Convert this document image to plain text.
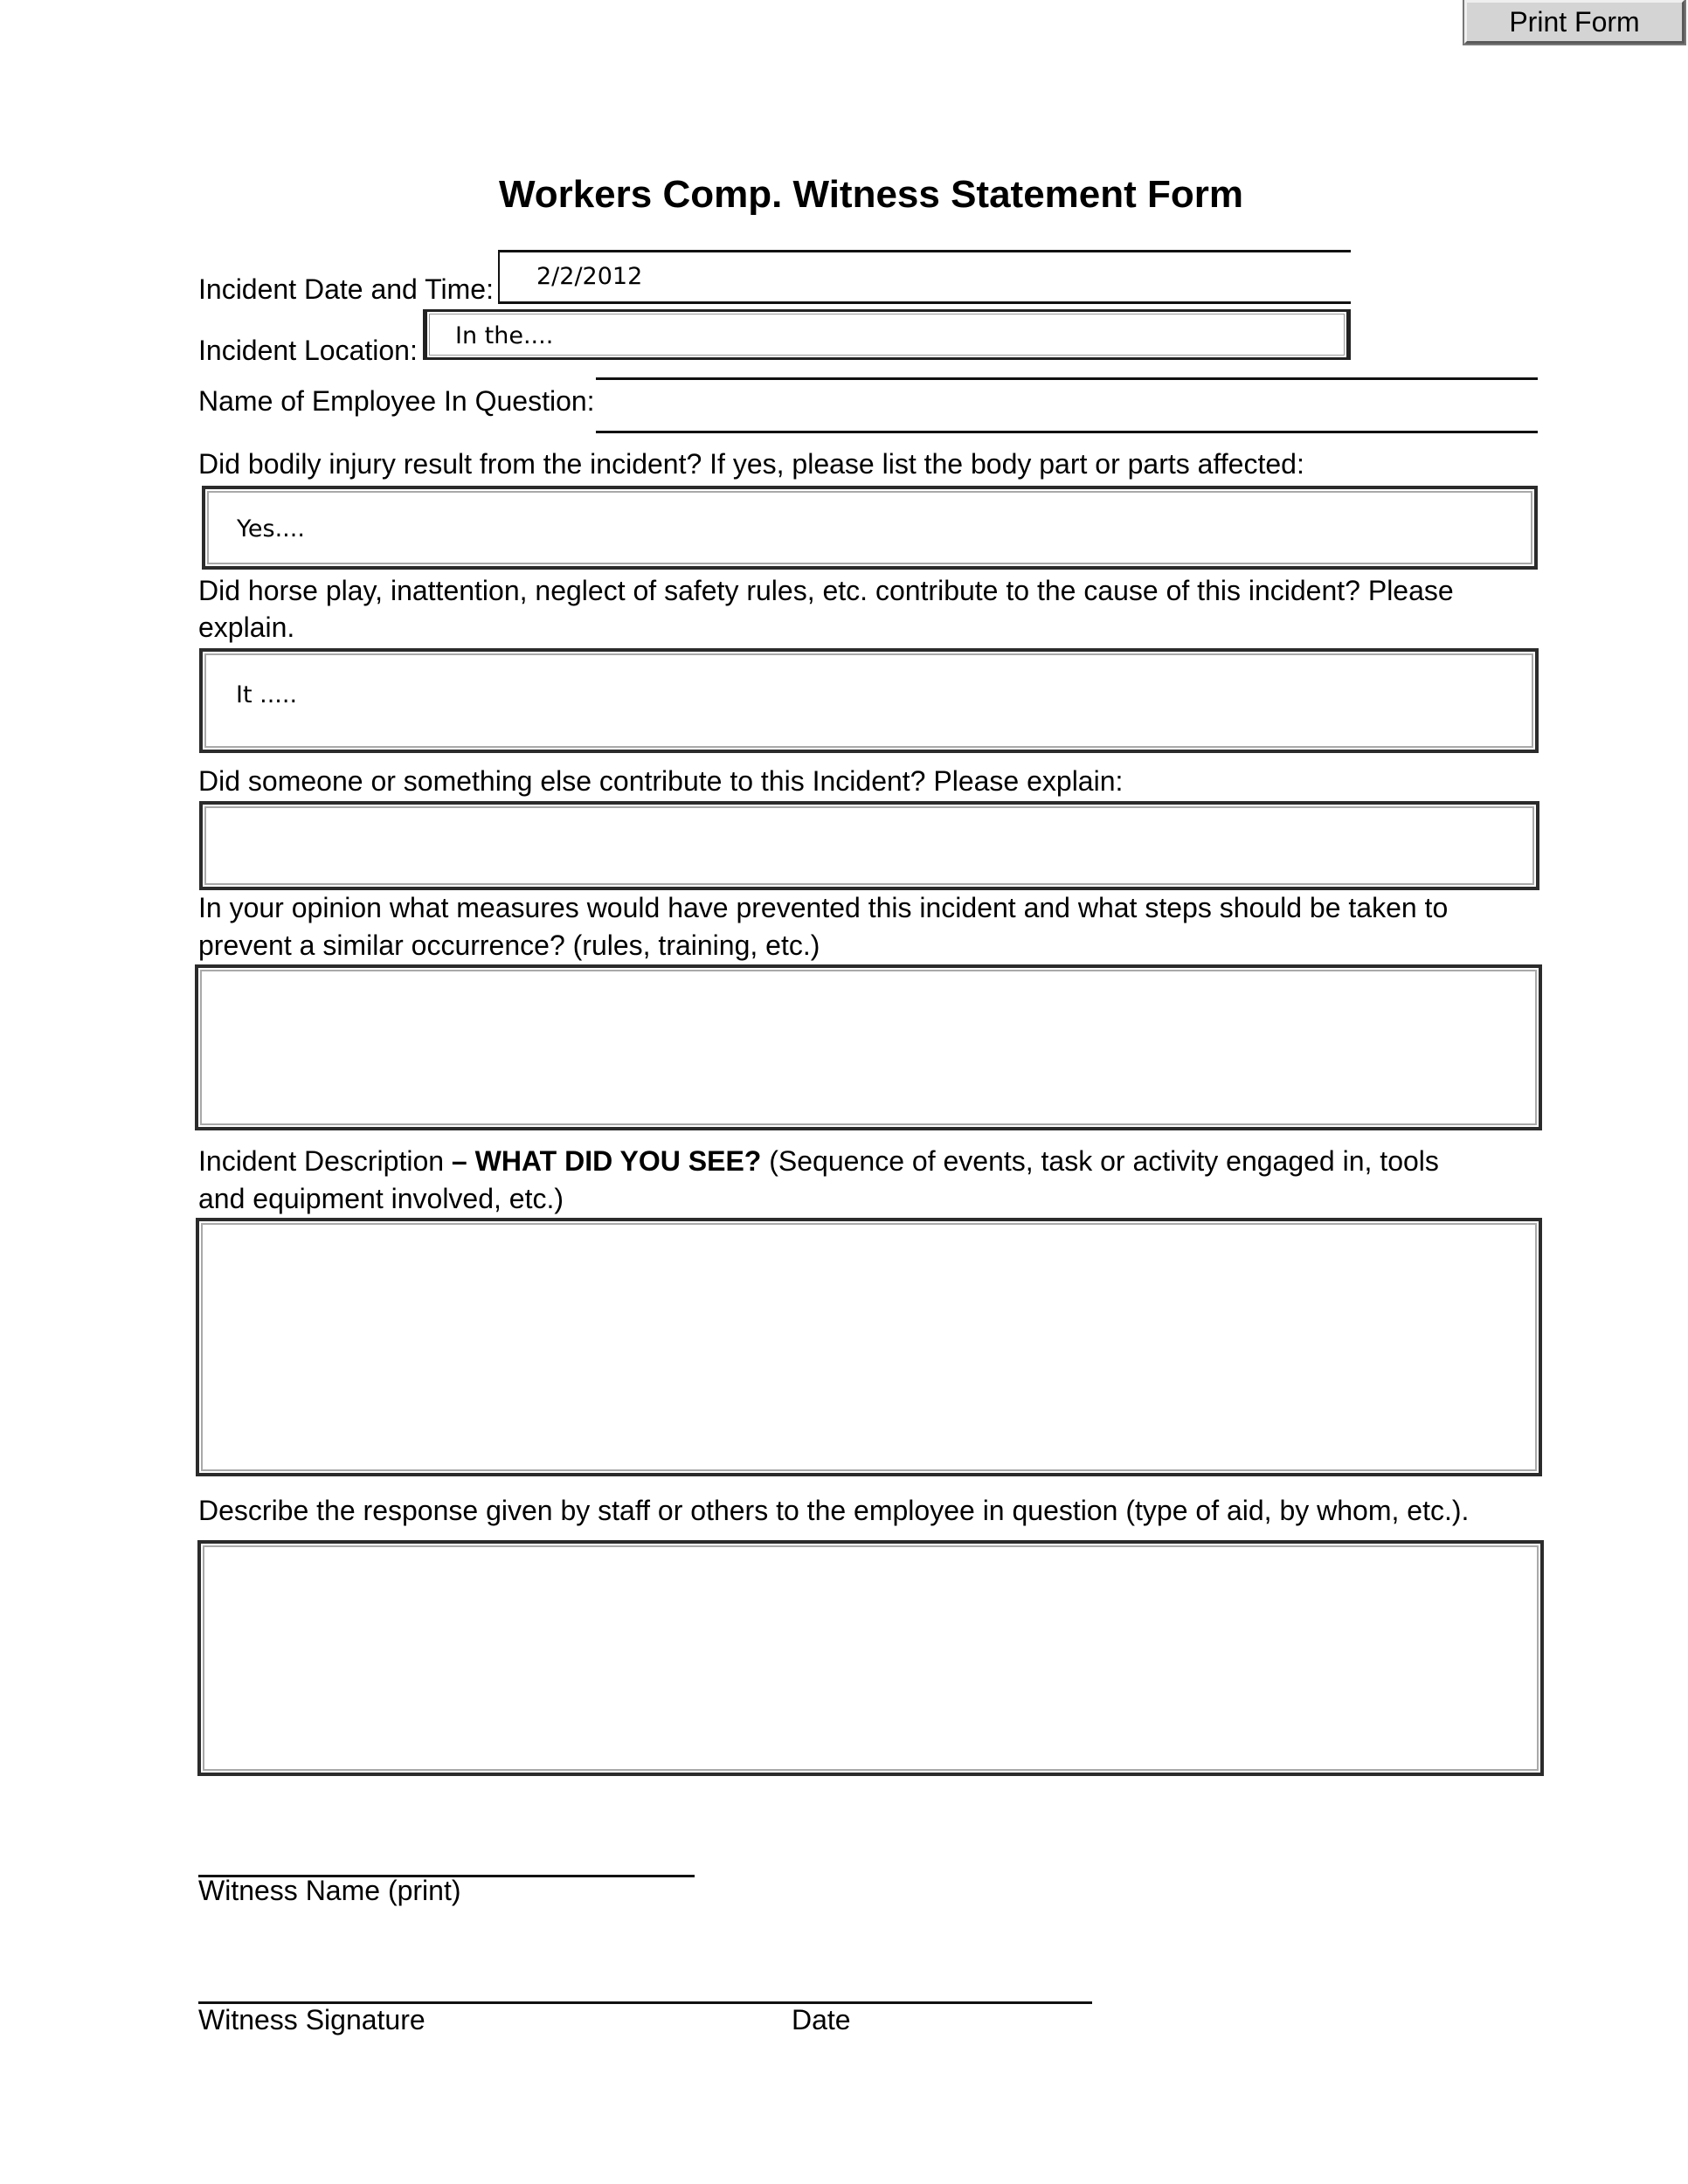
Print Form
Workers Comp. Witness Statement Form
Incident Date and Time: 2/2/2012
Incident Location: In the....
Name of Employee In Question:
Did bodily injury result from the incident? If yes, please list the body part or parts affected:
Yes....
Did horse play, inattention, neglect of safety rules, etc. contribute to the cause of this incident? Please
explain.
It .....
Did someone or something else contribute to this Incident? Please explain:
In your opinion what measures would have prevented this incident and what steps should be taken to
prevent a similar occurrence? (rules, training, etc.)
Incident Description – WHAT DID YOU SEE? (Sequence of events, task or activity engaged in, tools
and equipment involved, etc.)
Describe the response given by staff or others to the employee in question (type of aid, by whom, etc.).
Witness Name (print)
Witness Signature	Date
